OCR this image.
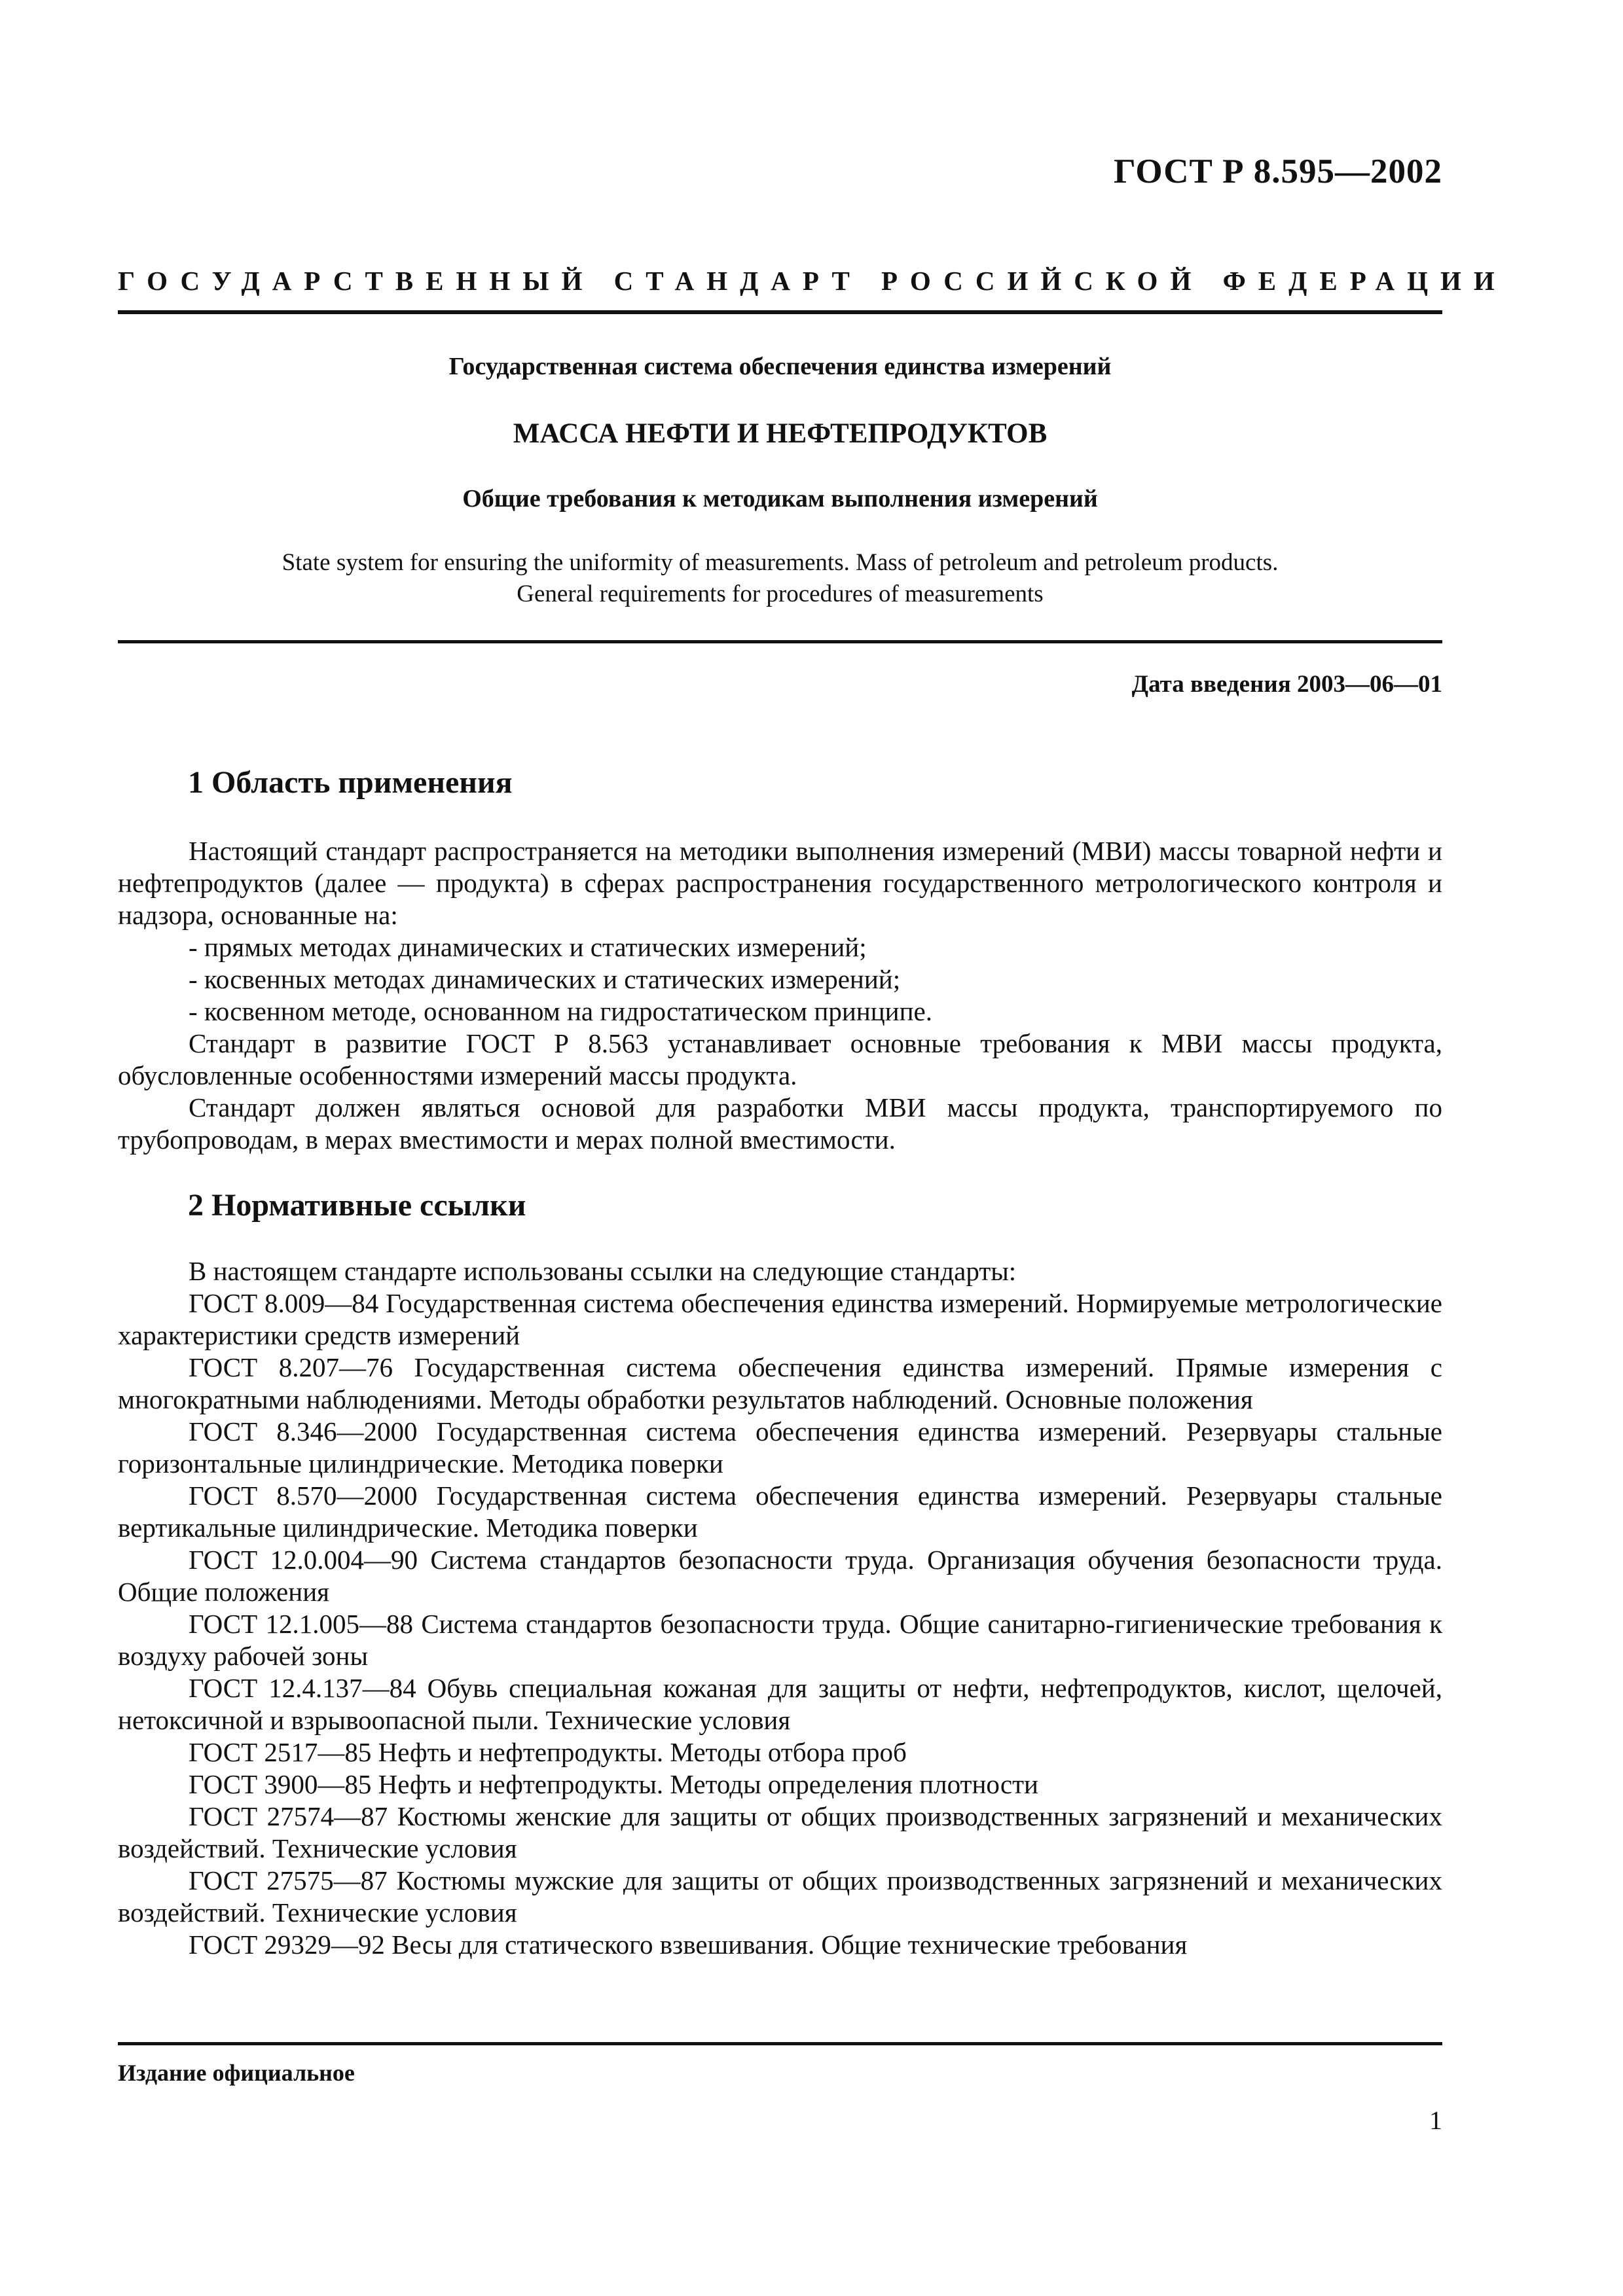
ГОСТ Р 8.595—2002
ГОСУДАРСТВЕННЫЙ СТАНДАРТ РОССИЙСКОЙ ФЕДЕРАЦИИ
Государственная система обеспечения единства измерений
МАССА НЕФТИ И НЕФТЕПРОДУКТОВ
Общие требования к методикам выполнения измерений
State system for ensuring the uniformity of measurements. Mass of petroleum and petroleum products.
General requirements for procedures of measurements
Дата введения 2003—06—01
1 Область применения

Настоящий стандарт распространяется на методики выполнения измерений (МВИ) массы товарной нефти и нефтепродуктов (далее — продукта) в сферах распространения государственного метрологического контроля и надзора, основанные на:

- прямых методах динамических и статических измерений;

- косвенных методах динамических и статических измерений;

- косвенном методе, основанном на гидростатическом принципе.

Стандарт в развитие ГОСТ Р 8.563 устанавливает основные требования к МВИ массы продукта, обусловленные особенностями измерений массы продукта.

Стандарт должен являться основой для разработки МВИ массы продукта, транспортируемого по трубопроводам, в мерах вместимости и мерах полной вместимости.

2 Нормативные ссылки

В настоящем стандарте использованы ссылки на следующие стандарты:

ГОСТ 8.009—84 Государственная система обеспечения единства измерений. Нормируемые метрологические характеристики средств измерений

ГОСТ 8.207—76 Государственная система обеспечения единства измерений. Прямые измерения с многократными наблюдениями. Методы обработки результатов наблюдений. Основные положения

ГОСТ 8.346—2000 Государственная система обеспечения единства измерений. Резервуары стальные горизонтальные цилиндрические. Методика поверки

ГОСТ 8.570—2000 Государственная система обеспечения единства измерений. Резервуары стальные вертикальные цилиндрические. Методика поверки

ГОСТ 12.0.004—90 Система стандартов безопасности труда. Организация обучения безопасности труда. Общие положения

ГОСТ 12.1.005—88 Система стандартов безопасности труда. Общие санитарно-гигиенические требования к воздуху рабочей зоны

ГОСТ 12.4.137—84 Обувь специальная кожаная для защиты от нефти, нефтепродуктов, кислот, щелочей, нетоксичной и взрывоопасной пыли. Технические условия

ГОСТ 2517—85 Нефть и нефтепродукты. Методы отбора проб

ГОСТ 3900—85 Нефть и нефтепродукты. Методы определения плотности

ГОСТ 27574—87 Костюмы женские для защиты от общих производственных загрязнений и механических воздействий. Технические условия

ГОСТ 27575—87 Костюмы мужские для защиты от общих производственных загрязнений и механических воздействий. Технические условия

ГОСТ 29329—92 Весы для статического взвешивания. Общие технические требования

Издание официальное
1
